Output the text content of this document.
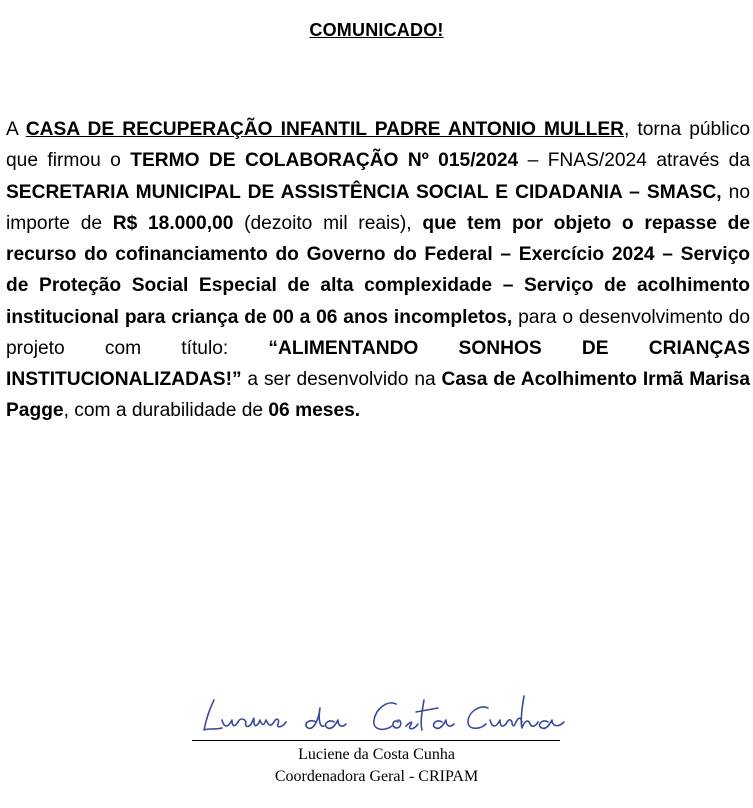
COMUNICADO!

A CASA DE RECUPERAÇÃO INFANTIL PADRE ANTONIO MULLER, torna público que firmou o TERMO DE COLABORAÇÃO Nº 015/2024 – FNAS/2024 através da SECRETARIA MUNICIPAL DE ASSISTÊNCIA SOCIAL E CIDADANIA – SMASC, no importe de R$ 18.000,00 (dezoito mil reais), que tem por objeto o repasse de recurso do cofinanciamento do Governo do Federal – Exercício 2024 – Serviço de Proteção Social Especial de alta complexidade – Serviço de acolhimento institucional para criança de 00 a 06 anos incompletos, para o desenvolvimento do projeto com título: “ALIMENTANDO SONHOS DE CRIANÇAS INSTITUCIONALIZADAS!” a ser desenvolvido na Casa de Acolhimento Irmã Marisa Pagge, com a durabilidade de 06 meses.

Luciene da Costa Cunha
Coordenadora Geral - CRIPAM
